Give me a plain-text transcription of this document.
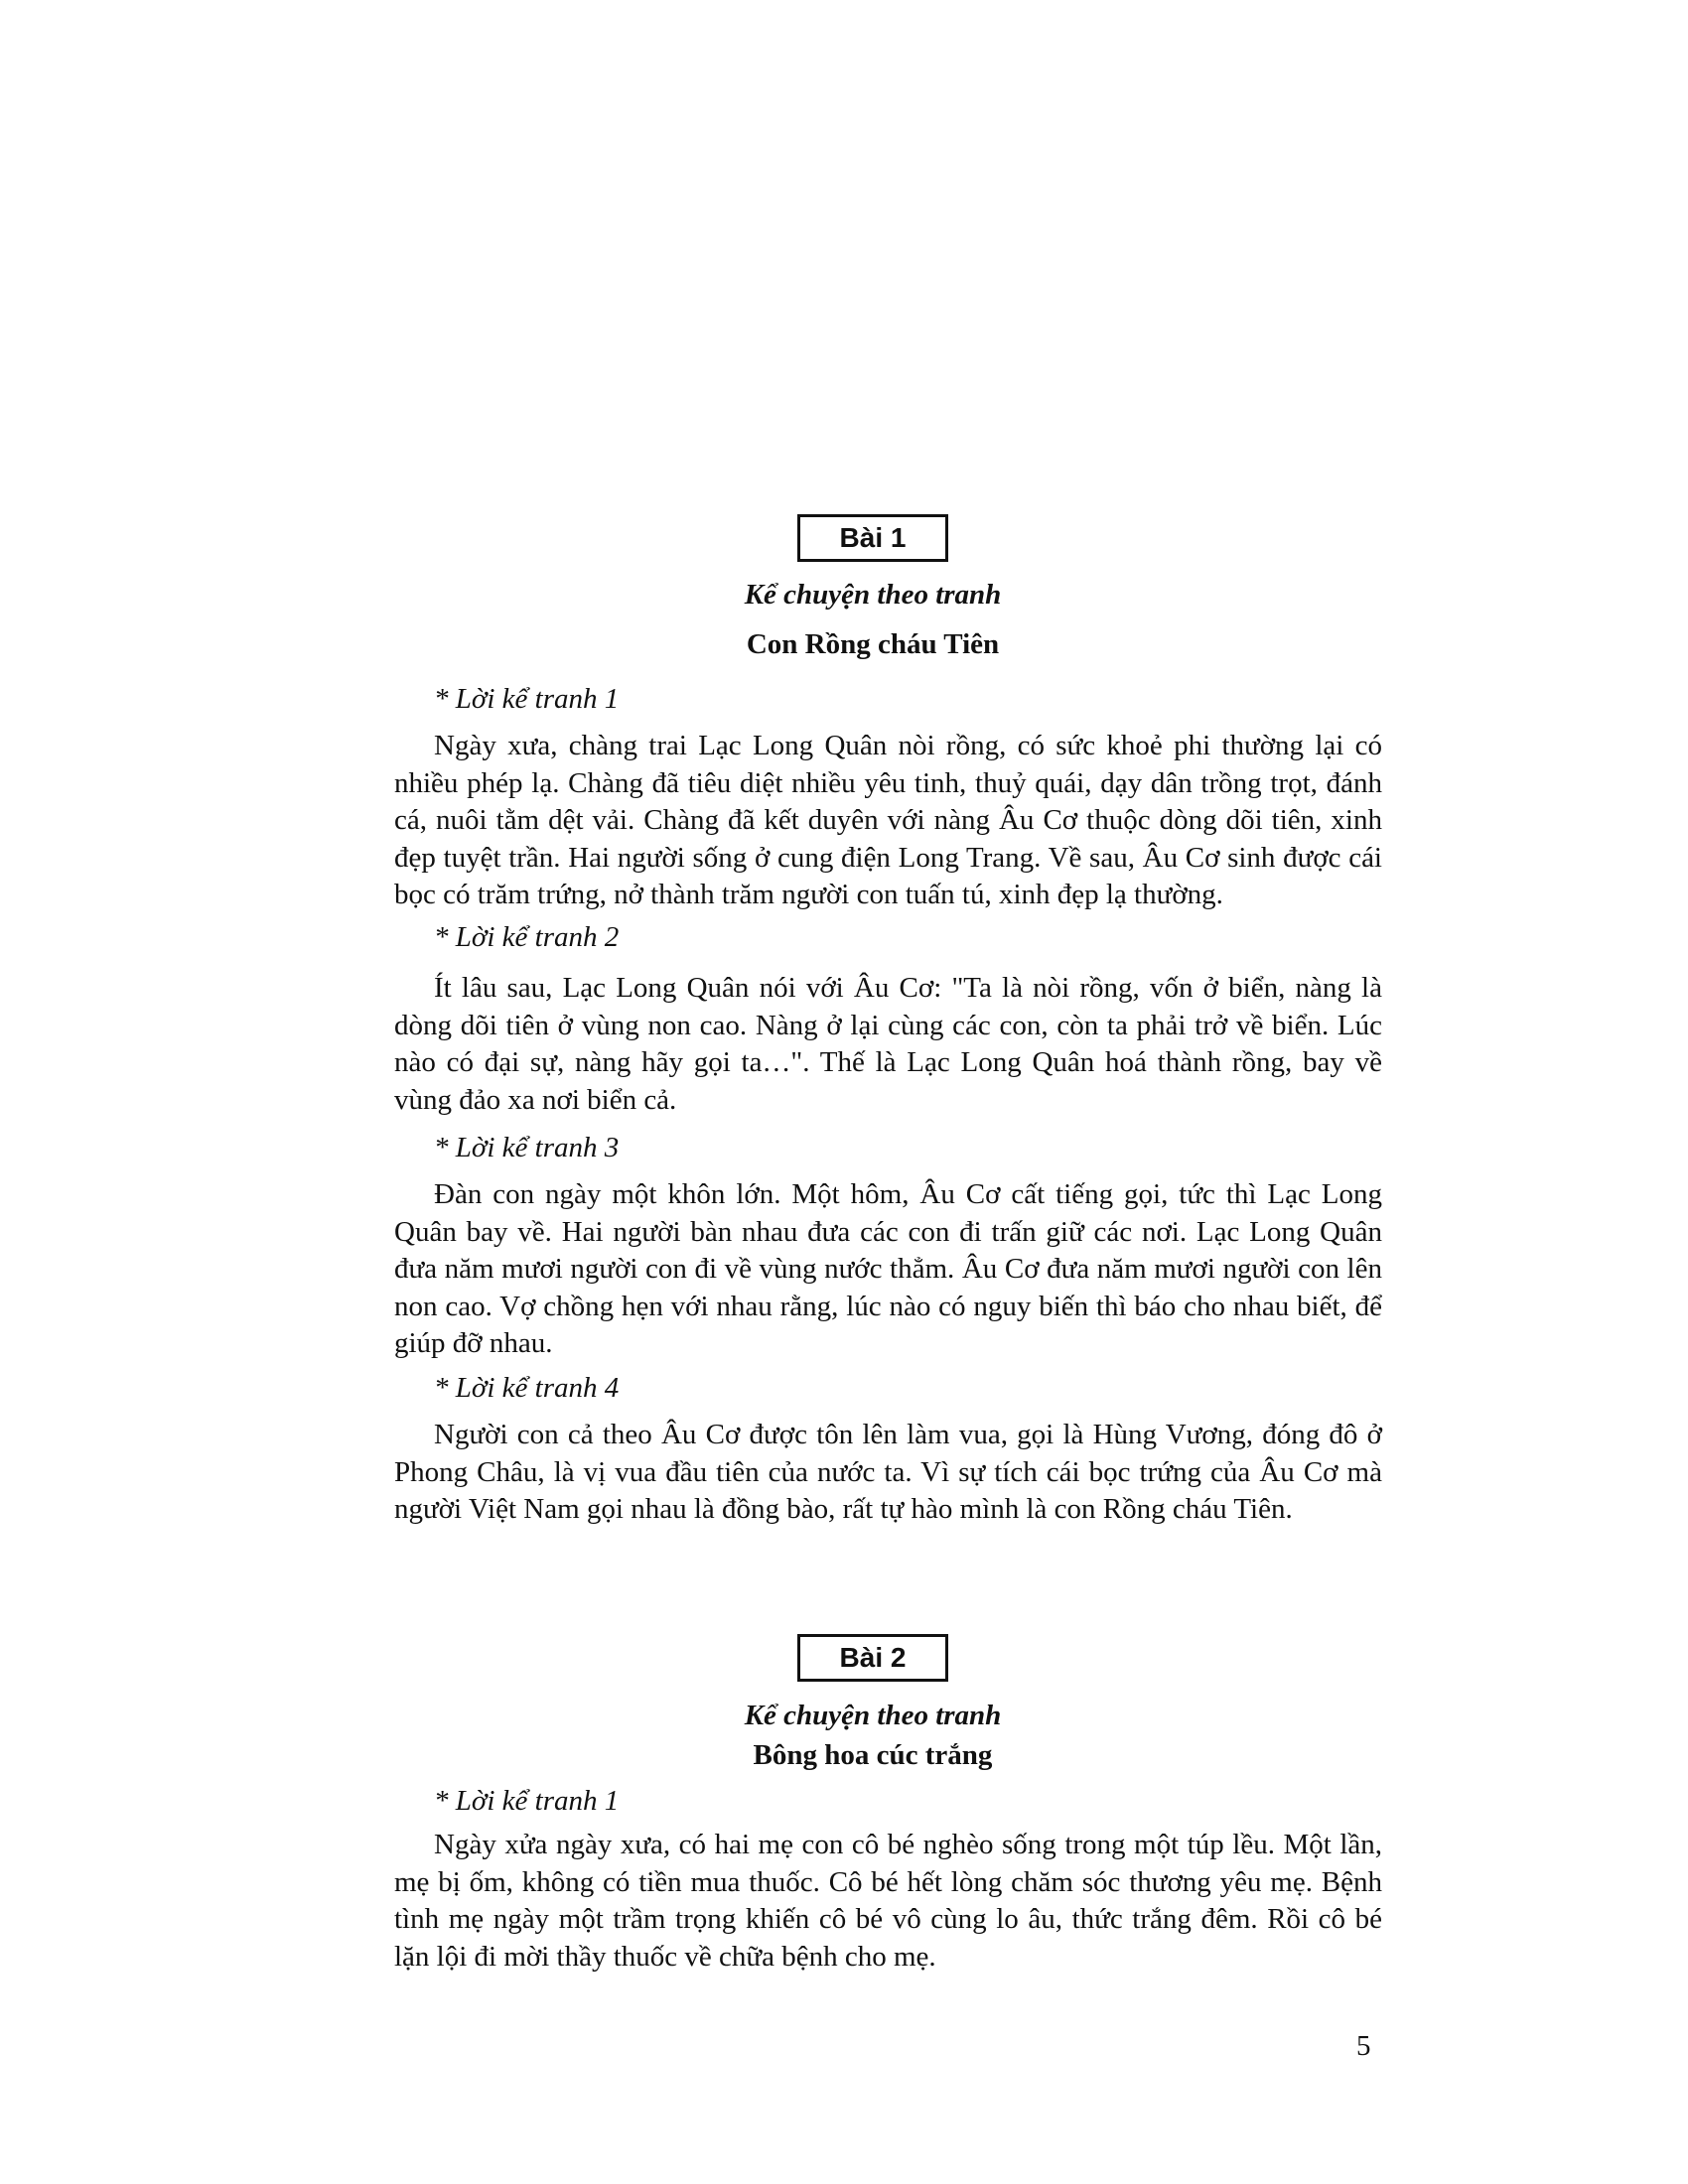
Bài 1
Kể chuyện theo tranh
Con Rồng cháu Tiên
* Lời kể tranh 1

Ngày xưa, chàng trai Lạc Long Quân nòi rồng, có sức khoẻ phi thường lại có nhiều phép lạ. Chàng đã tiêu diệt nhiều yêu tinh, thuỷ quái, dạy dân trồng trọt, đánh cá, nuôi tằm dệt vải. Chàng đã kết duyên với nàng Âu Cơ thuộc dòng dõi tiên, xinh đẹp tuyệt trần. Hai người sống ở cung điện Long Trang. Về sau, Âu Cơ sinh được cái bọc có trăm trứng, nở thành trăm người con tuấn tú, xinh đẹp lạ thường.

* Lời kể tranh 2

Ít lâu sau, Lạc Long Quân nói với Âu Cơ: "Ta là nòi rồng, vốn ở biển, nàng là dòng dõi tiên ở vùng non cao. Nàng ở lại cùng các con, còn ta phải trở về biển. Lúc nào có đại sự, nàng hãy gọi ta…". Thế là Lạc Long Quân hoá thành rồng, bay về vùng đảo xa nơi biển cả.

* Lời kể tranh 3

Đàn con ngày một khôn lớn. Một hôm, Âu Cơ cất tiếng gọi, tức thì Lạc Long Quân bay về. Hai người bàn nhau đưa các con đi trấn giữ các nơi. Lạc Long Quân đưa năm mươi người con đi về vùng nước thẳm. Âu Cơ đưa năm mươi người con lên non cao. Vợ chồng hẹn với nhau rằng, lúc nào có nguy biến thì báo cho nhau biết, để giúp đỡ nhau.

* Lời kể tranh 4

Người con cả theo Âu Cơ được tôn lên làm vua, gọi là Hùng Vương, đóng đô ở Phong Châu, là vị vua đầu tiên của nước ta. Vì sự tích cái bọc trứng của Âu Cơ mà người Việt Nam gọi nhau là đồng bào, rất tự hào mình là con Rồng cháu Tiên.

Bài 2
Kể chuyện theo tranh
Bông hoa cúc trắng
* Lời kể tranh 1

Ngày xửa ngày xưa, có hai mẹ con cô bé nghèo sống trong một túp lều. Một lần, mẹ bị ốm, không có tiền mua thuốc. Cô bé hết lòng chăm sóc thương yêu mẹ. Bệnh tình mẹ ngày một trầm trọng khiến cô bé vô cùng lo âu, thức trắng đêm. Rồi cô bé lặn lội đi mời thầy thuốc về chữa bệnh cho mẹ.

5
